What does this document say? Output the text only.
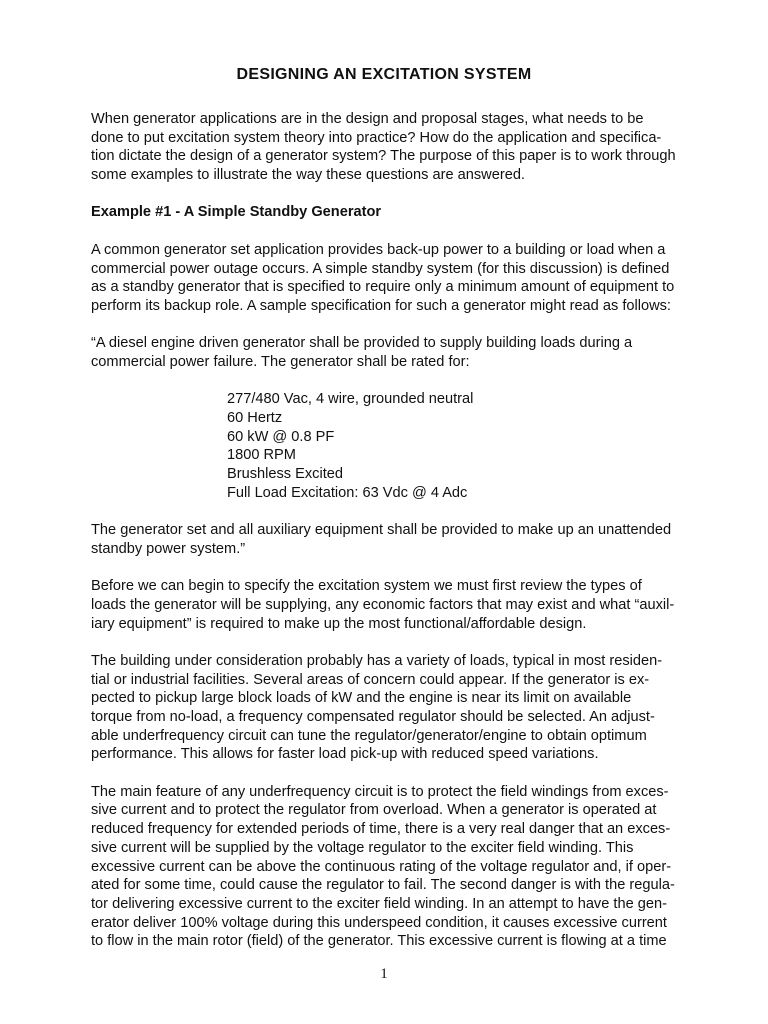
DESIGNING AN EXCITATION SYSTEM

When generator applications are in the design and proposal stages, what needs to be
done to put excitation system theory into practice? How do the application and specifica-
tion dictate the design of a generator system? The purpose of this paper is to work through
some examples to illustrate the way these questions are answered.

Example #1 - A Simple Standby Generator

A common generator set application provides back-up power to a building or load when a
commercial power outage occurs. A simple standby system (for this discussion) is defined
as a standby generator that is specified to require only a minimum amount of equipment to
perform its backup role. A sample specification for such a generator might read as follows:

“A diesel engine driven generator shall be provided to supply building loads during a
commercial power failure. The generator shall be rated for:

277/480 Vac, 4 wire, grounded neutral
60 Hertz
60 kW @ 0.8 PF
1800 RPM
Brushless Excited
Full Load Excitation: 63 Vdc @ 4 Adc

The generator set and all auxiliary equipment shall be provided to make up an unattended
standby power system.”

Before we can begin to specify the excitation system we must first review the types of
loads the generator will be supplying, any economic factors that may exist and what “auxil-
iary equipment” is required to make up the most functional/affordable design.

The building under consideration probably has a variety of loads, typical in most residen-
tial or industrial facilities. Several areas of concern could appear. If the generator is ex-
pected to pickup large block loads of kW and the engine is near its limit on available
torque from no-load, a frequency compensated regulator should be selected. An adjust-
able underfrequency circuit can tune the regulator/generator/engine to obtain optimum
performance. This allows for faster load pick-up with reduced speed variations.

The main feature of any underfrequency circuit is to protect the field windings from exces-
sive current and to protect the regulator from overload. When a generator is operated at
reduced frequency for extended periods of time, there is a very real danger that an exces-
sive current will be supplied by the voltage regulator to the exciter field winding. This
excessive current can be above the continuous rating of the voltage regulator and, if oper-
ated for some time, could cause the regulator to fail. The second danger is with the regula-
tor delivering excessive current to the exciter field winding. In an attempt to have the gen-
erator deliver 100% voltage during this underspeed condition, it causes excessive current
to flow in the main rotor (field) of the generator. This excessive current is flowing at a time

1
